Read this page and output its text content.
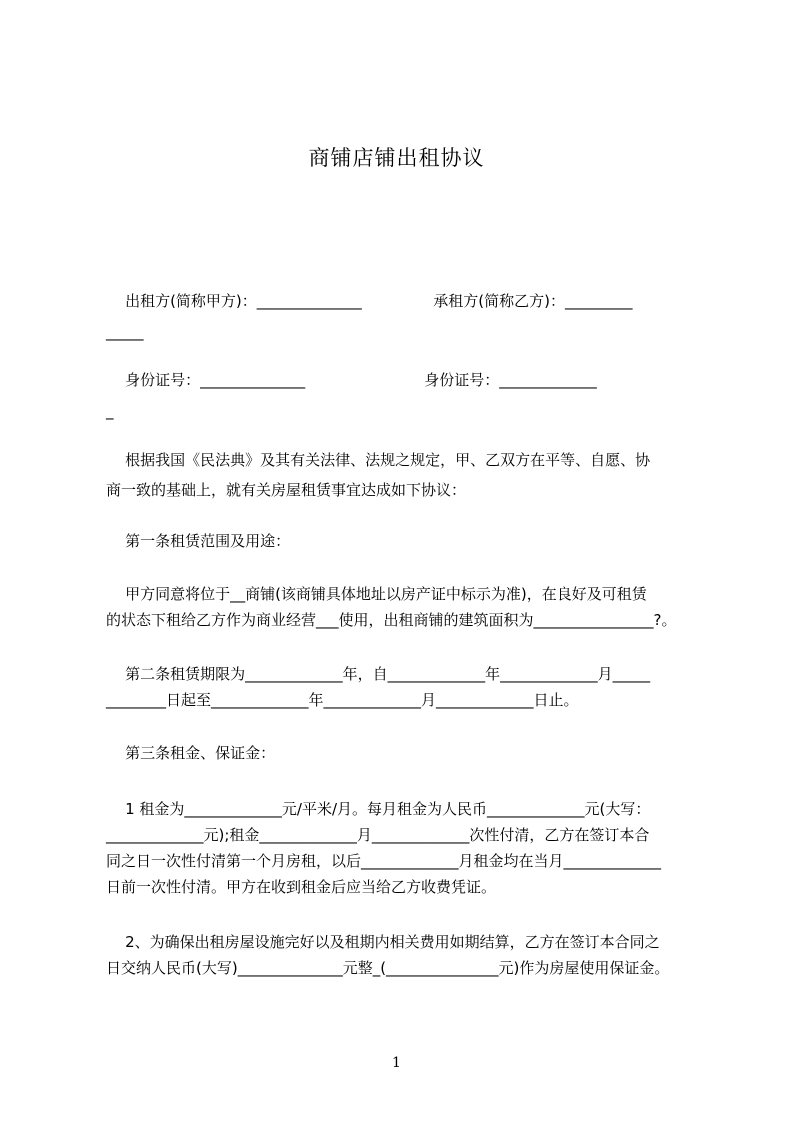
商铺店铺出租协议
出租方(简称甲方)：______________               承租方(简称乙方)：_________
_____
身份证号：______________                         身份证号：_____________
_
根据我国《民法典》及其有关法律、法规之规定，甲、乙双方在平等、自愿、协
商一致的基础上，就有关房屋租赁事宜达成如下协议：
第一条租赁范围及用途：
甲方同意将位于__商铺(该商铺具体地址以房产证中标示为准)，在良好及可租赁
的状态下租给乙方作为商业经营___使用，出租商铺的建筑面积为________________?。
第二条租赁期限为_____________年，自_____________年_____________月_____
________日起至_____________年_____________月_____________日止。
第三条租金、保证金：
1 租金为_____________元/平米/月。每月租金为人民币_____________元(大写：
_____________元);租金_____________月_____________次性付清，乙方在签订本合
同之日一次性付清第一个月房租，以后_____________月租金均在当月_____________
日前一次性付清。甲方在收到租金后应当给乙方收费凭证。
2、为确保出租房屋设施完好以及租期内相关费用如期结算，乙方在签订本合同之
日交纳人民币(大写)______________元整_(_______________元)作为房屋使用保证金。
1
